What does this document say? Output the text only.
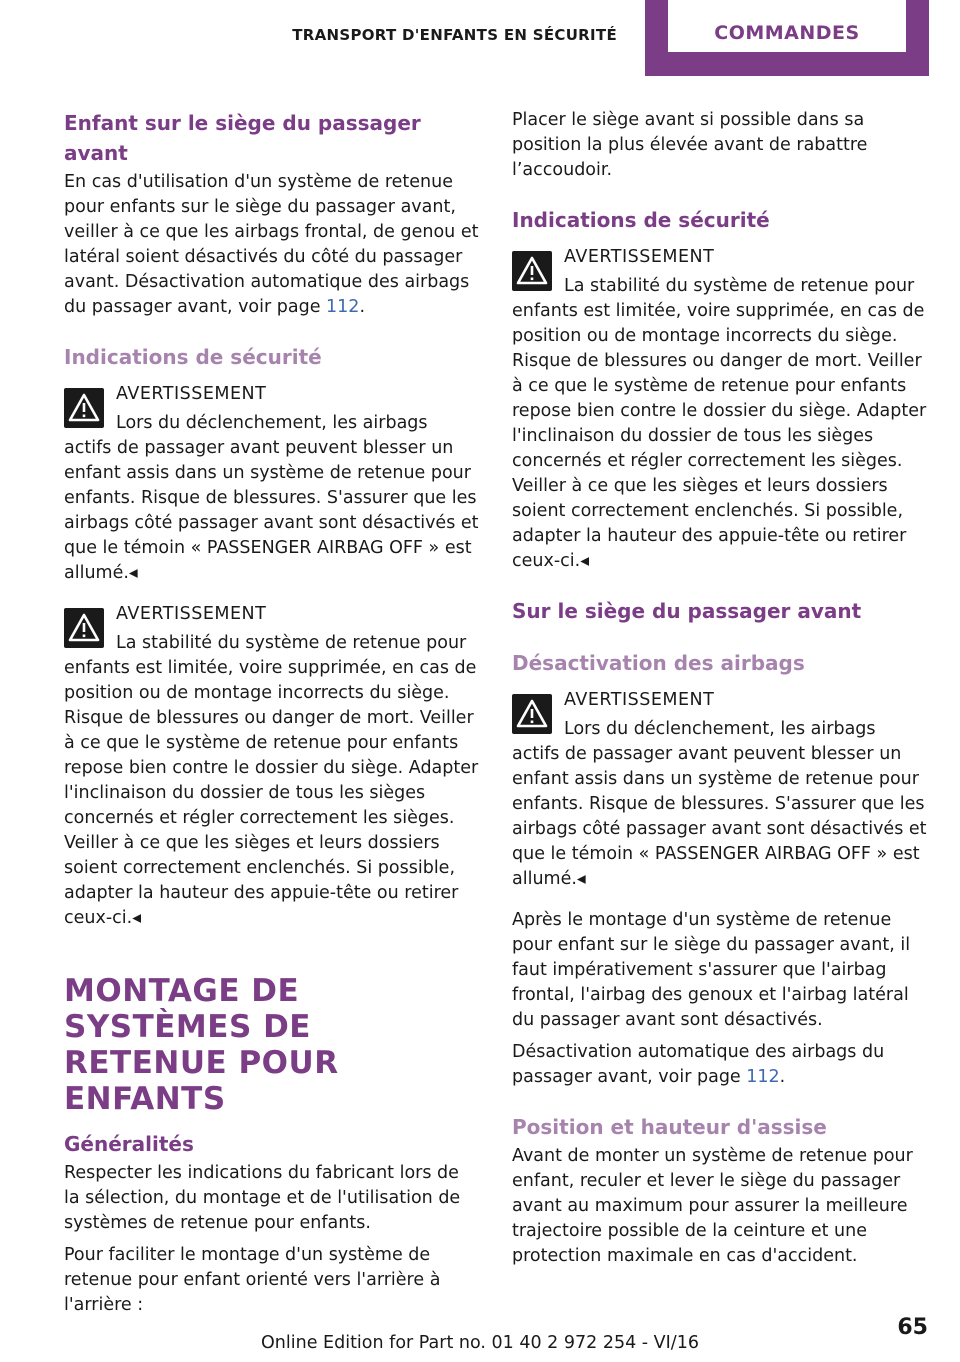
TRANSPORT D'ENFANTS EN SÉCURITÉ	COMMANDES
Enfant sur le siège du passager avant

En cas d'utilisation d'un système de retenue pour enfants sur le siège du passager avant, veiller à ce que les airbags frontal, de genou et latéral soient désactivés du côté du passager avant. Désactivation automatique des airbags du passager avant, voir page 112.

Indications de sécurité
AVERTISSEMENT

Lors du déclenchement, les airbags actifs de passager avant peuvent blesser un enfant assis dans un système de retenue pour enfants. Risque de blessures. S'assurer que les airbags côté passager avant sont désactivés et que le témoin « PASSENGER AIRBAG OFF » est allumé.◂

AVERTISSEMENT

La stabilité du système de retenue pour enfants est limitée, voire supprimée, en cas de position ou de montage incorrects du siège. Risque de blessures ou danger de mort. Veiller à ce que le système de retenue pour enfants repose bien contre le dossier du siège. Adapter l'inclinaison du dossier de tous les sièges concernés et régler correctement les sièges. Veiller à ce que les sièges et leurs dossiers soient correctement enclenchés. Si possible, adapter la hauteur des appuie-tête ou retirer ceux-ci.◂

MONTAGE DE SYSTÈMES DE RETENUE POUR ENFANTS
Généralités

Respecter les indications du fabricant lors de la sélection, du montage et de l'utilisation de systèmes de retenue pour enfants.

Pour faciliter le montage d'un système de retenue pour enfant orienté vers l'arrière à l'arrière :

Placer le siège avant si possible dans sa position la plus élevée avant de rabattre l’accoudoir.

Indications de sécurité
AVERTISSEMENT

La stabilité du système de retenue pour enfants est limitée, voire supprimée, en cas de position ou de montage incorrects du siège. Risque de blessures ou danger de mort. Veiller à ce que le système de retenue pour enfants repose bien contre le dossier du siège. Adapter l'inclinaison du dossier de tous les sièges concernés et régler correctement les sièges. Veiller à ce que les sièges et leurs dossiers soient correctement enclenchés. Si possible, adapter la hauteur des appuie-tête ou retirer ceux-ci.◂

Sur le siège du passager avant
Désactivation des airbags
AVERTISSEMENT

Lors du déclenchement, les airbags actifs de passager avant peuvent blesser un enfant assis dans un système de retenue pour enfants. Risque de blessures. S'assurer que les airbags côté passager avant sont désactivés et que le témoin « PASSENGER AIRBAG OFF » est allumé.◂

Après le montage d'un système de retenue pour enfant sur le siège du passager avant, il faut impérativement s'assurer que l'airbag frontal, l'airbag des genoux et l'airbag latéral du passager avant sont désactivés.

Désactivation automatique des airbags du passager avant, voir page 112.

Position et hauteur d'assise

Avant de monter un système de retenue pour enfant, reculer et lever le siège du passager avant au maximum pour assurer la meilleure trajectoire possible de la ceinture et une protection maximale en cas d'accident.

Online Edition for Part no. 01 40 2 972 254 - VI/16
65
